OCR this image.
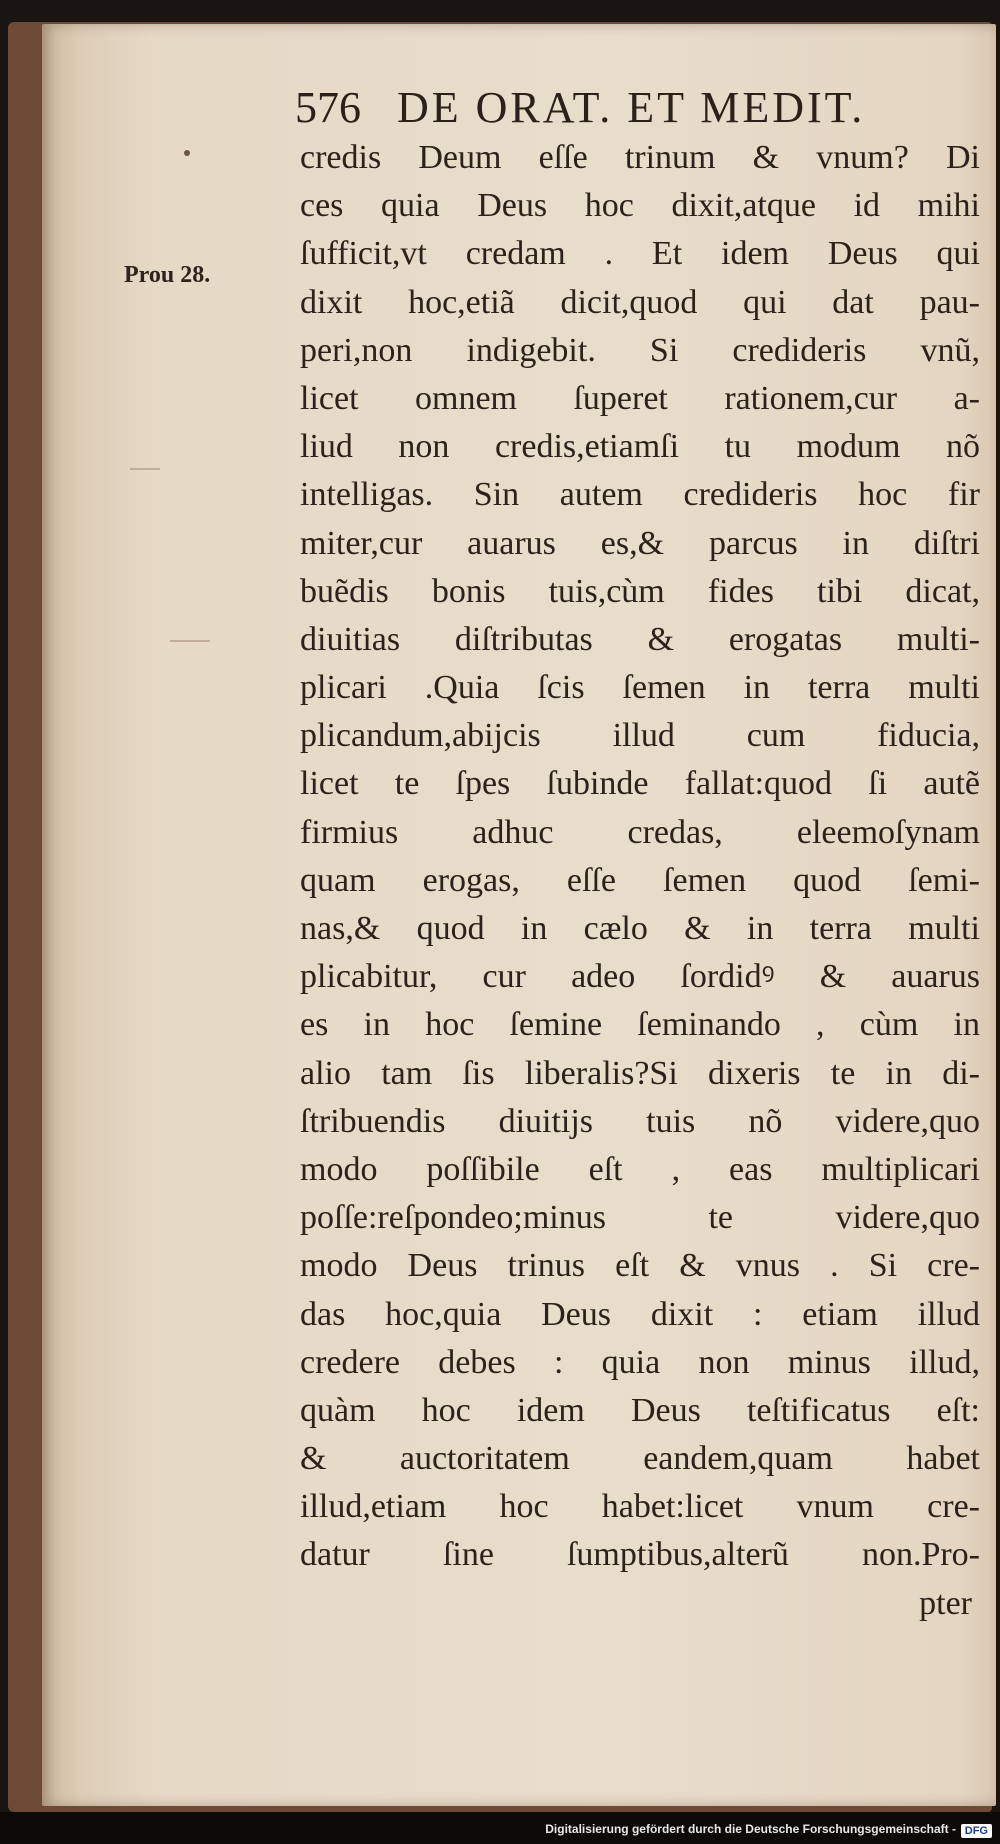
576 DE ORAT. ET MEDIT.
Prou 28.
credis Deum eſſe trinum & vnum? Di
ces quia Deus hoc dixit,atque id mihi
ſufficit,vt credam . Et idem Deus qui
dixit hoc,etiã dicit,quod qui dat pau-
peri,non indigebit. Si credideris vnũ,
licet omnem ſuperet rationem,cur a-
liud non credis,etiamſi tu modum nõ
intelligas. Sin autem credideris hoc fir
miter,cur auarus es,& parcus in diſtri
buẽdis bonis tuis,cùm fides tibi dicat,
diuitias diſtributas & erogatas multi-
plicari .Quia ſcis ſemen in terra multi
plicandum,abijcis illud cum fiducia,
licet te ſpes ſubinde fallat:quod ſi autẽ
firmius adhuc credas, eleemoſynam
quam erogas, eſſe ſemen quod ſemi-
nas,& quod in cælo & in terra multi
plicabitur, cur adeo ſordidꝰ & auarus
es in hoc ſemine ſeminando , cùm in
alio tam ſis liberalis?Si dixeris te in di-
ſtribuendis diuitijs tuis nõ videre,quo
modo poſſibile eſt , eas multiplicari
poſſe:reſpondeo;minus te videre,quo
modo Deus trinus eſt & vnus . Si cre-
das hoc,quia Deus dixit : etiam illud
credere debes : quia non minus illud,
quàm hoc idem Deus teſtificatus eſt:
& auctoritatem eandem,quam habet
illud,etiam hoc habet:licet vnum cre-
datur ſine ſumptibus,alterũ non.Pro-
pter
Digitalisierung gefördert durch die Deutsche Forschungsgemeinschaft - DFG
